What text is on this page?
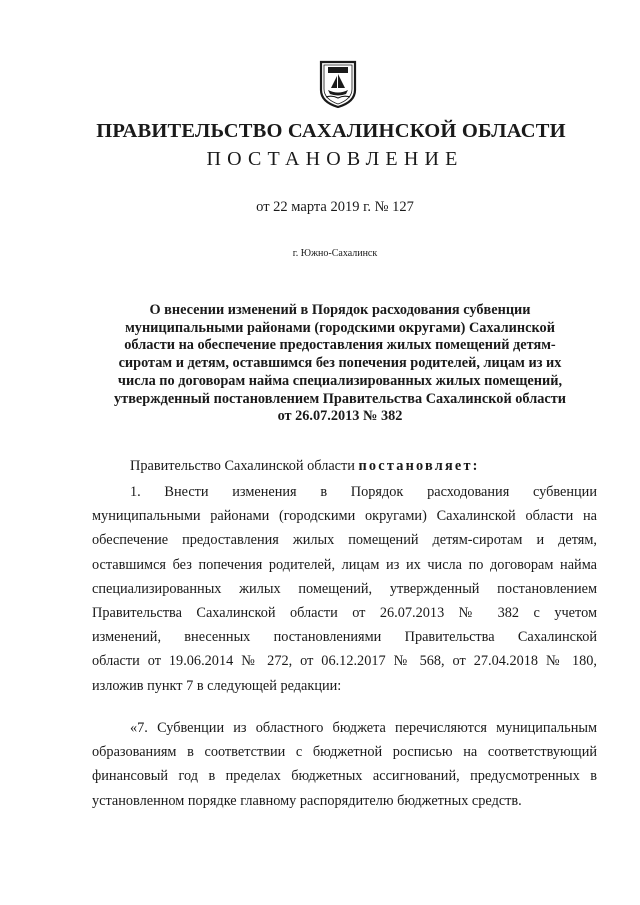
ПРАВИТЕЛЬСТВО САХАЛИНСКОЙ ОБЛАСТИ
ПОСТАНОВЛЕНИЕ
от 22 марта 2019 г. № 127
г. Южно-Сахалинск
О внесении изменений в Порядок расходования субвенции
муниципальными районами (городскими округами) Сахалинской
области на обеспечение предоставления жилых помещений детям-
сиротам и детям, оставшимся без попечения родителей, лицам из их
числа по договорам найма специализированных жилых помещений,
утвержденный постановлением Правительства Сахалинской области
от 26.07.2013 № 382
Правительство Сахалинской области постановляет:
1. Внести изменения в Порядок расходования субвенции
муниципальными районами (городскими округами) Сахалинской области на
обеспечение предоставления жилых помещений детям-сиротам и детям,
оставшимся без попечения родителей, лицам из их числа по договорам найма
специализированных жилых помещений, утвержденный постановлением
Правительства Сахалинской области от 26.07.2013 № 382 с учетом
изменений, внесенных постановлениями Правительства Сахалинской
области от 19.06.2014 № 272, от 06.12.2017 № 568, от 27.04.2018 № 180,
изложив пункт 7 в следующей редакции:
«7. Субвенции из областного бюджета перечисляются муниципальным
образованиям в соответствии с бюджетной росписью на соответствующий
финансовый год в пределах бюджетных ассигнований, предусмотренных в
установленном порядке главному распорядителю бюджетных средств.
